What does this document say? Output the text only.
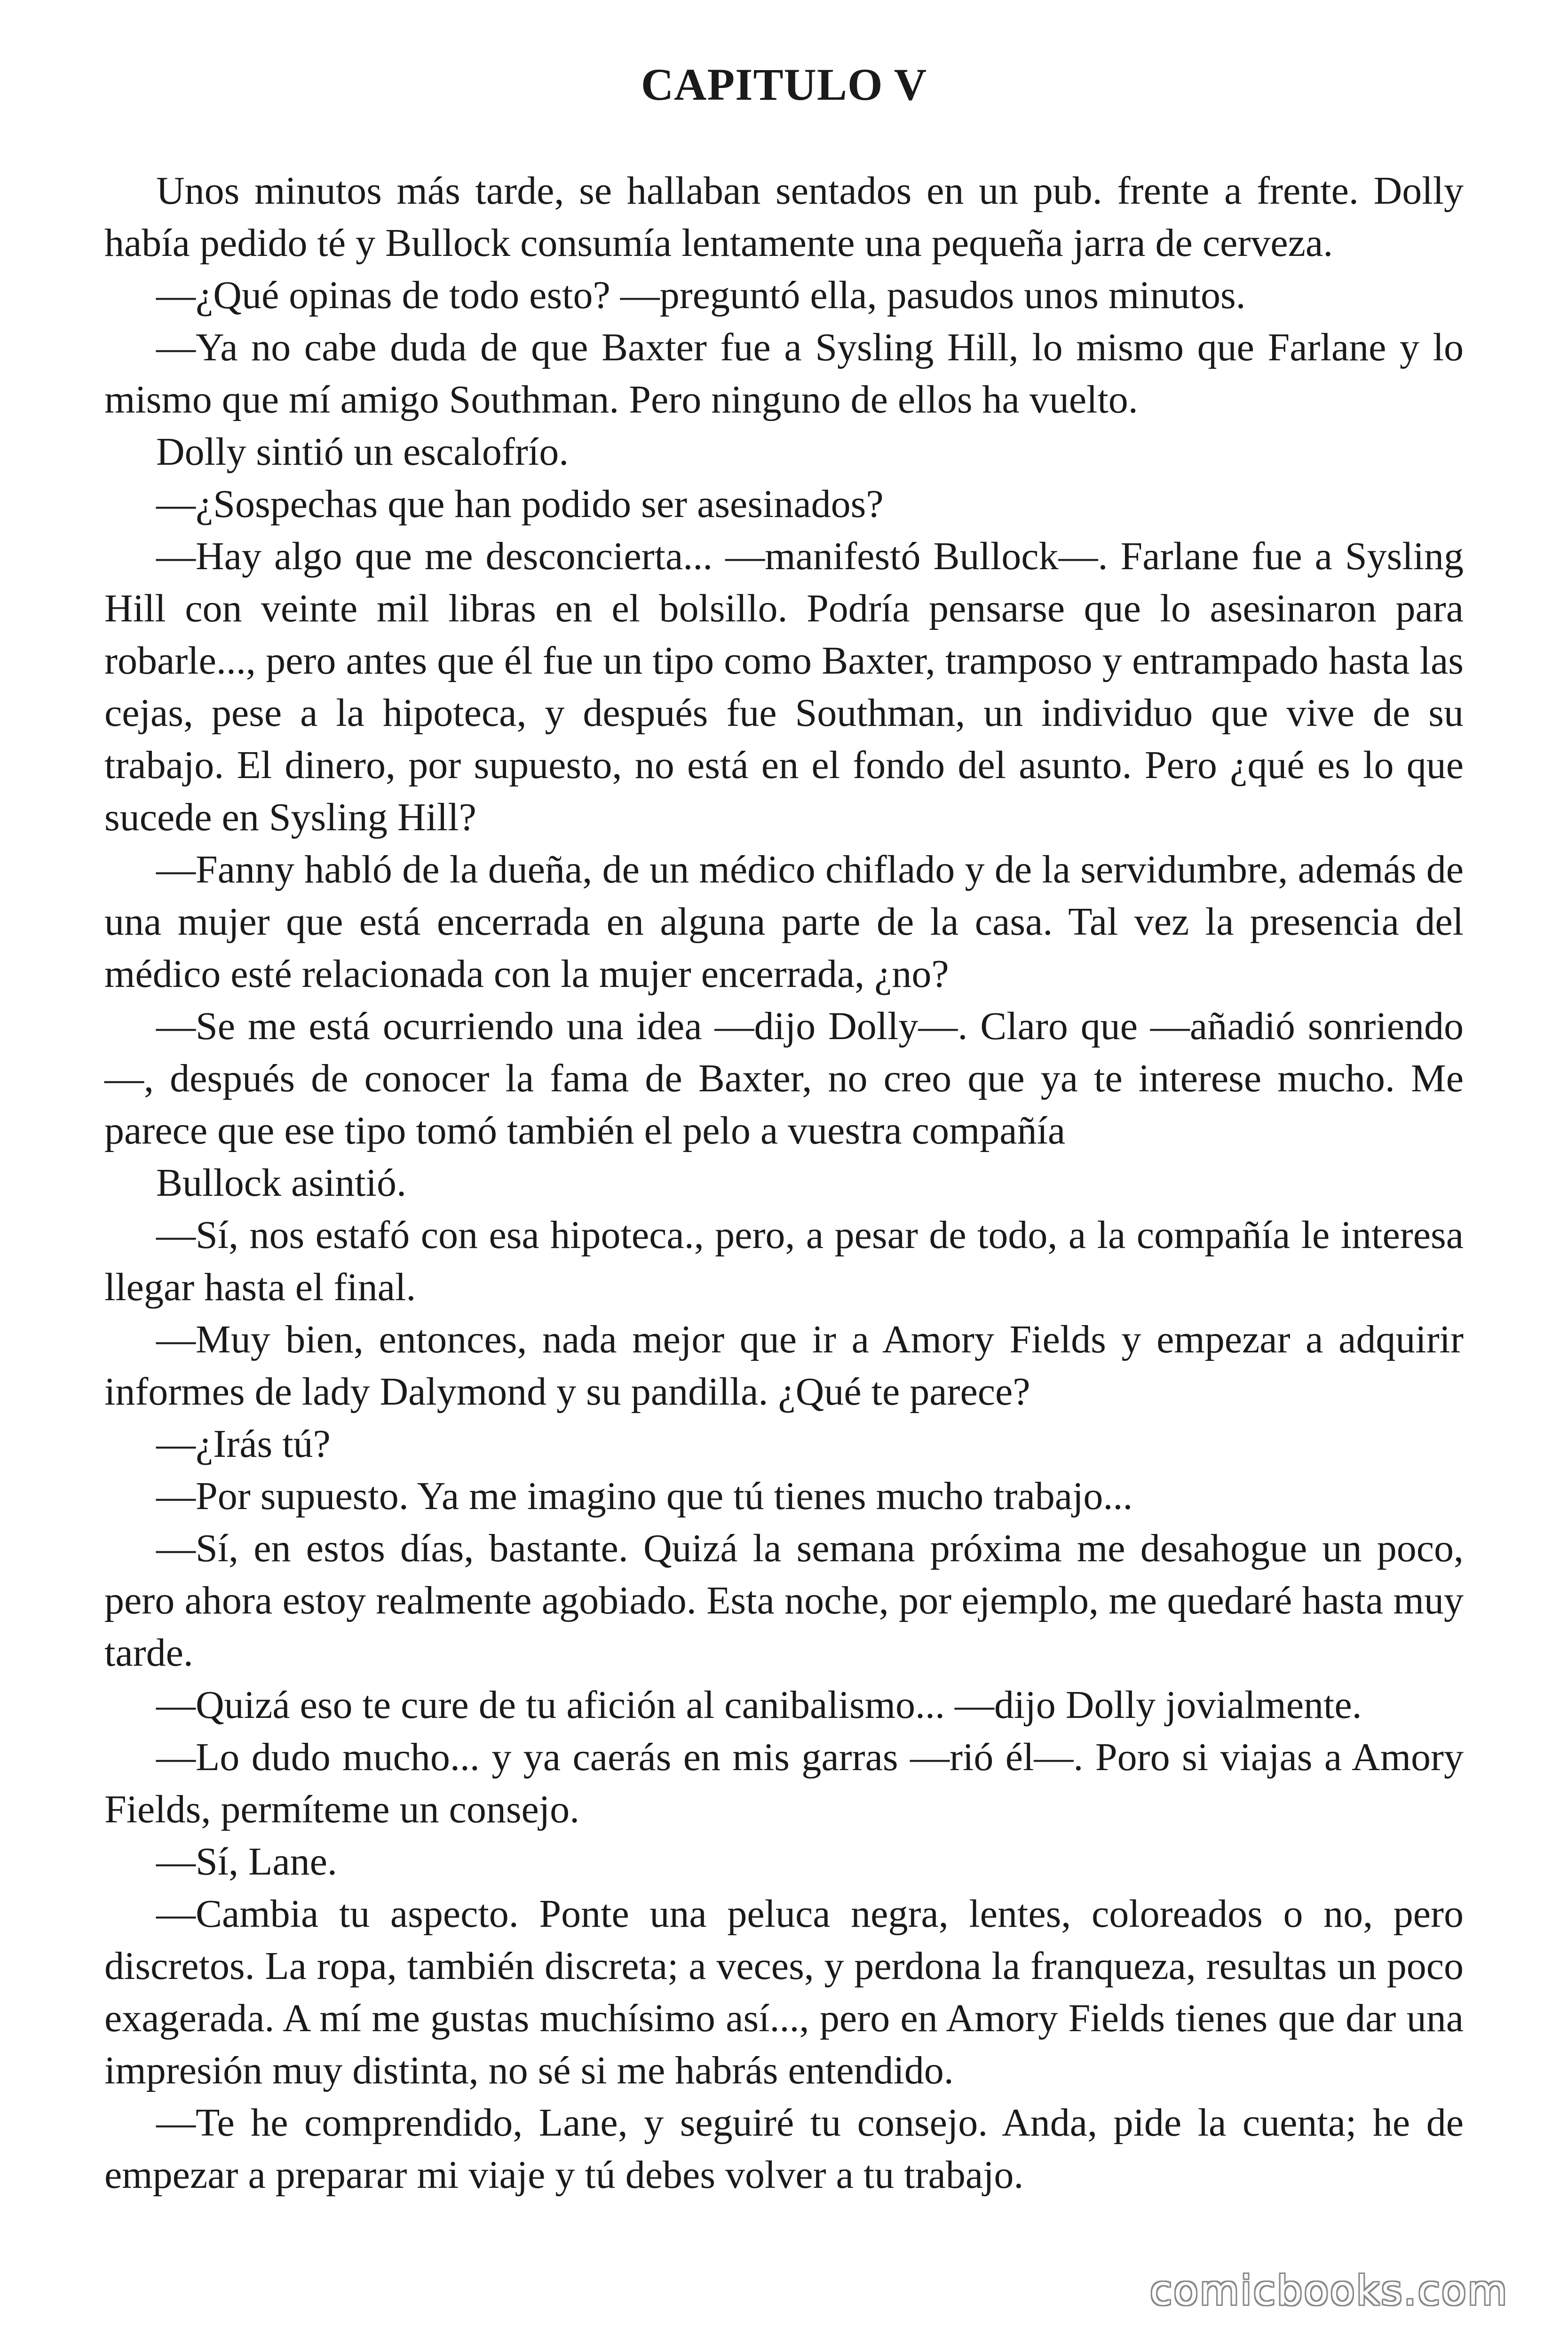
CAPITULO V

Unos minutos más tarde, se hallaban sentados en un pub. frente a frente. Dolly había pedido té y Bullock consumía lentamente una pequeña jarra de cerveza.

—¿Qué opinas de todo esto? —preguntó ella, pasudos unos minutos.

—Ya no cabe duda de que Baxter fue a Sysling Hill, lo mismo que Farlane y lo mismo que mí amigo Southman. Pero ninguno de ellos ha vuelto.

Dolly sintió un escalofrío.

—¿Sospechas que han podido ser asesinados?

—Hay algo que me desconcierta... —manifestó Bullock—. Farlane fue a Sysling Hill con veinte mil libras en el bolsillo. Podría pensarse que lo asesinaron para robarle..., pero antes que él fue un tipo como Baxter, tramposo y entrampado hasta las cejas, pese a la hipoteca, y después fue Southman, un individuo que vive de su trabajo. El dinero, por supuesto, no está en el fondo del asunto. Pero ¿qué es lo que sucede en Sysling Hill?

—Fanny habló de la dueña, de un médico chiflado y de la servidumbre, además de una mujer que está encerrada en alguna parte de la casa. Tal vez la presencia del médico esté relacionada con la mujer encerrada, ¿no?

—Se me está ocurriendo una idea —dijo Dolly—. Claro que —añadió sonriendo—, después de conocer la fama de Baxter, no creo que ya te interese mucho. Me parece que ese tipo tomó también el pelo a vuestra compañía

Bullock asintió.

—Sí, nos estafó con esa hipoteca., pero, a pesar de todo, a la compañía le interesa llegar hasta el final.

—Muy bien, entonces, nada mejor que ir a Amory Fields y empezar a adquirir informes de lady Dalymond y su pandilla. ¿Qué te parece?

—¿Irás tú?

—Por supuesto. Ya me imagino que tú tienes mucho trabajo...

—Sí, en estos días, bastante. Quizá la semana próxima me desahogue un poco, pero ahora estoy realmente agobiado. Esta noche, por ejemplo, me quedaré hasta muy tarde.

—Quizá eso te cure de tu afición al canibalismo... —dijo Dolly jovialmente.

—Lo dudo mucho... y ya caerás en mis garras —rió él—. Poro si viajas a Amory Fields, permíteme un consejo.

—Sí, Lane.

—Cambia tu aspecto. Ponte una peluca negra, lentes, coloreados o no, pero discretos. La ropa, también discreta; a veces, y perdona la franqueza, resultas un poco exagerada. A mí me gustas muchísimo así..., pero en Amory Fields tienes que dar una impresión muy distinta, no sé si me habrás entendido.

—Te he comprendido, Lane, y seguiré tu consejo. Anda, pide la cuenta; he de empezar a preparar mi viaje y tú debes volver a tu trabajo.

comicbooks.com
